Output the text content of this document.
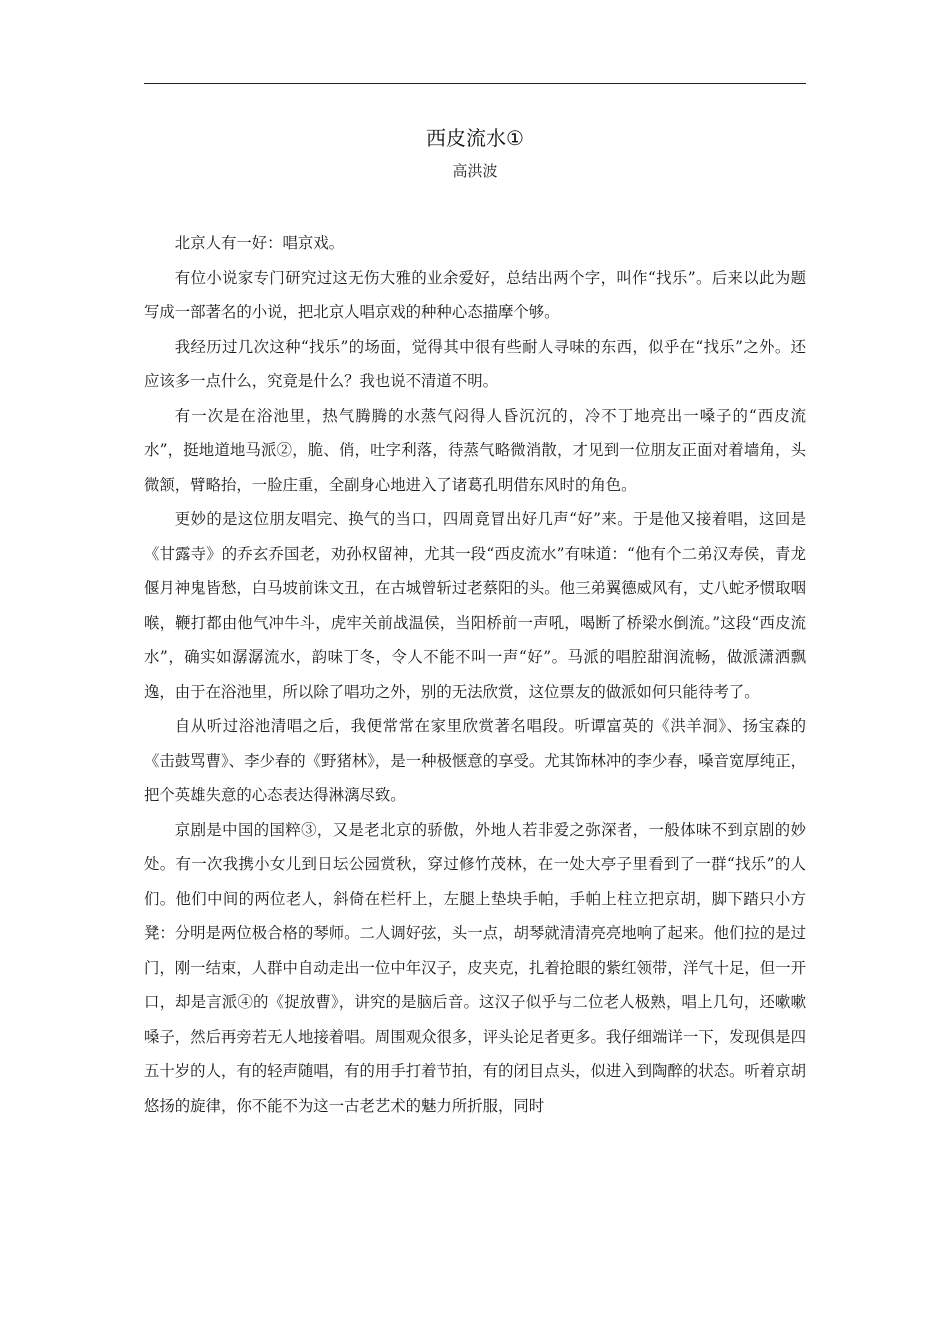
西皮流水①
高洪波

北京人有一好：唱京戏。

有位小说家专门研究过这无伤大雅的业余爱好，总结出两个字，叫作“找乐”。后来以此为题写成一部著名的小说，把北京人唱京戏的种种心态描摩个够。

我经历过几次这种“找乐”的场面，觉得其中很有些耐人寻味的东西，似乎在“找乐”之外。还应该多一点什么，究竟是什么？我也说不清道不明。

有一次是在浴池里，热气腾腾的水蒸气闷得人昏沉沉的，冷不丁地亮出一嗓子的“西皮流水”，挺地道地马派②，脆、俏，吐字利落，待蒸气略微消散，才见到一位朋友正面对着墙角，头微颔，臂略抬，一脸庄重，全副身心地进入了诸葛孔明借东风时的角色。

更妙的是这位朋友唱完、换气的当口，四周竟冒出好几声“好”来。于是他又接着唱，这回是《甘露寺》的乔玄乔国老，劝孙权留神，尤其一段“西皮流水”有味道：“他有个二弟汉寿侯，青龙偃月神鬼皆愁，白马坡前诛文丑，在古城曾斩过老蔡阳的头。他三弟翼德威风有，丈八蛇矛惯取咽喉，鞭打都由他气冲牛斗，虎牢关前战温侯，当阳桥前一声吼，喝断了桥梁水倒流。”这段“西皮流水”，确实如潺潺流水，韵味丁冬，令人不能不叫一声“好”。马派的唱腔甜润流畅，做派潇洒飘逸，由于在浴池里，所以除了唱功之外，别的无法欣赏，这位票友的做派如何只能待考了。

自从听过浴池清唱之后，我便常常在家里欣赏著名唱段。听谭富英的《洪羊洞》、扬宝森的《击鼓骂曹》、李少春的《野猪林》，是一种极惬意的享受。尤其饰林冲的李少春，嗓音宽厚纯正，把个英雄失意的心态表达得淋漓尽致。

京剧是中国的国粹③，又是老北京的骄傲，外地人若非爱之弥深者，一般体味不到京剧的妙处。有一次我携小女儿到日坛公园赏秋，穿过修竹茂林，在一处大亭子里看到了一群“找乐”的人们。他们中间的两位老人，斜倚在栏杆上，左腿上垫块手帕，手帕上柱立把京胡，脚下踏只小方凳：分明是两位极合格的琴师。二人调好弦，头一点，胡琴就清清亮亮地响了起来。他们拉的是过门，刚一结束，人群中自动走出一位中年汉子，皮夹克，扎着抢眼的紫红领带，洋气十足，但一开口，却是言派④的《捉放曹》，讲究的是脑后音。这汉子似乎与二位老人极熟，唱上几句，还嗽嗽嗓子，然后再旁若无人地接着唱。周围观众很多，评头论足者更多。我仔细端详一下，发现俱是四五十岁的人，有的轻声随唱，有的用手打着节拍，有的闭目点头，似进入到陶醉的状态。听着京胡悠扬的旋律，你不能不为这一古老艺术的魅力所折服，同时
